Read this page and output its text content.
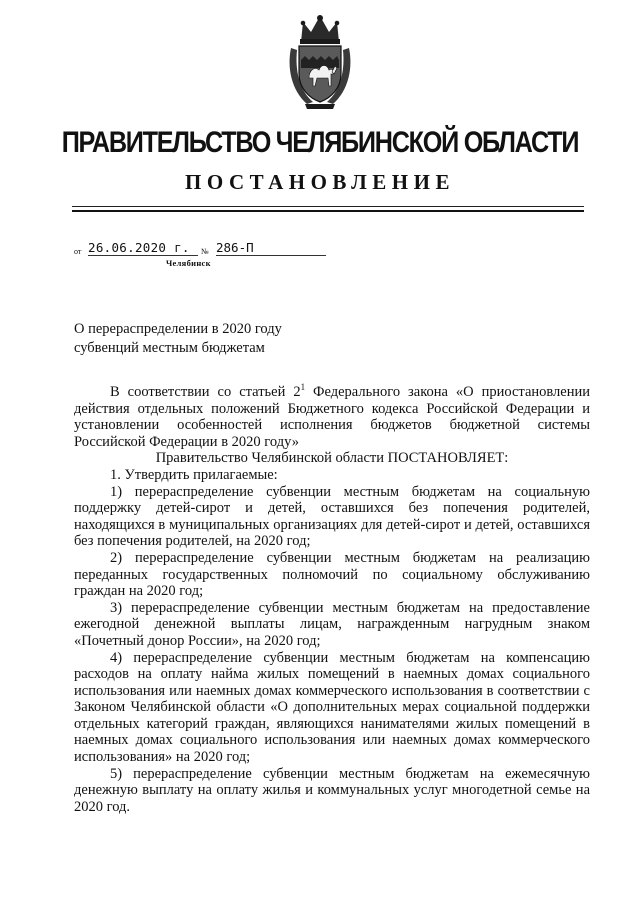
ПРАВИТЕЛЬСТВО ЧЕЛЯБИНСКОЙ ОБЛАСТИ
ПОСТАНОВЛЕНИЕ
от 26.06.2020 г.	№ 286-П
Челябинск
О перераспределении в 2020 году
субвенций местным бюджетам

В соответствии со статьей $2^1$ Федерального закона «О приостановлении действия отдельных положений Бюджетного кодекса Российской Федерации и установлении особенностей исполнения бюджетов бюджетной системы Российской Федерации в 2020 году»

Правительство Челябинской области ПОСТАНОВЛЯЕТ:

1. Утвердить прилагаемые:

1) перераспределение субвенции местным бюджетам на социальную поддержку детей-сирот и детей, оставшихся без попечения родителей, находящихся в муниципальных организациях для детей-сирот и детей, оставшихся без попечения родителей, на 2020 год;

2) перераспределение субвенции местным бюджетам на реализацию переданных государственных полномочий по социальному обслуживанию граждан на 2020 год;

3) перераспределение субвенции местным бюджетам на предоставление ежегодной денежной выплаты лицам, награжденным нагрудным знаком «Почетный донор России», на 2020 год;

4) перераспределение субвенции местным бюджетам на компенсацию расходов на оплату найма жилых помещений в наемных домах социального использования или наемных домах коммерческого использования в соответствии с Законом Челябинской области «О дополнительных мерах социальной поддержки отдельных категорий граждан, являющихся нанимателями жилых помещений в наемных домах социального использования или наемных домах коммерческого использования» на 2020 год;

5) перераспределение субвенции местным бюджетам на ежемесячную денежную выплату на оплату жилья и коммунальных услуг многодетной семье на 2020 год.
